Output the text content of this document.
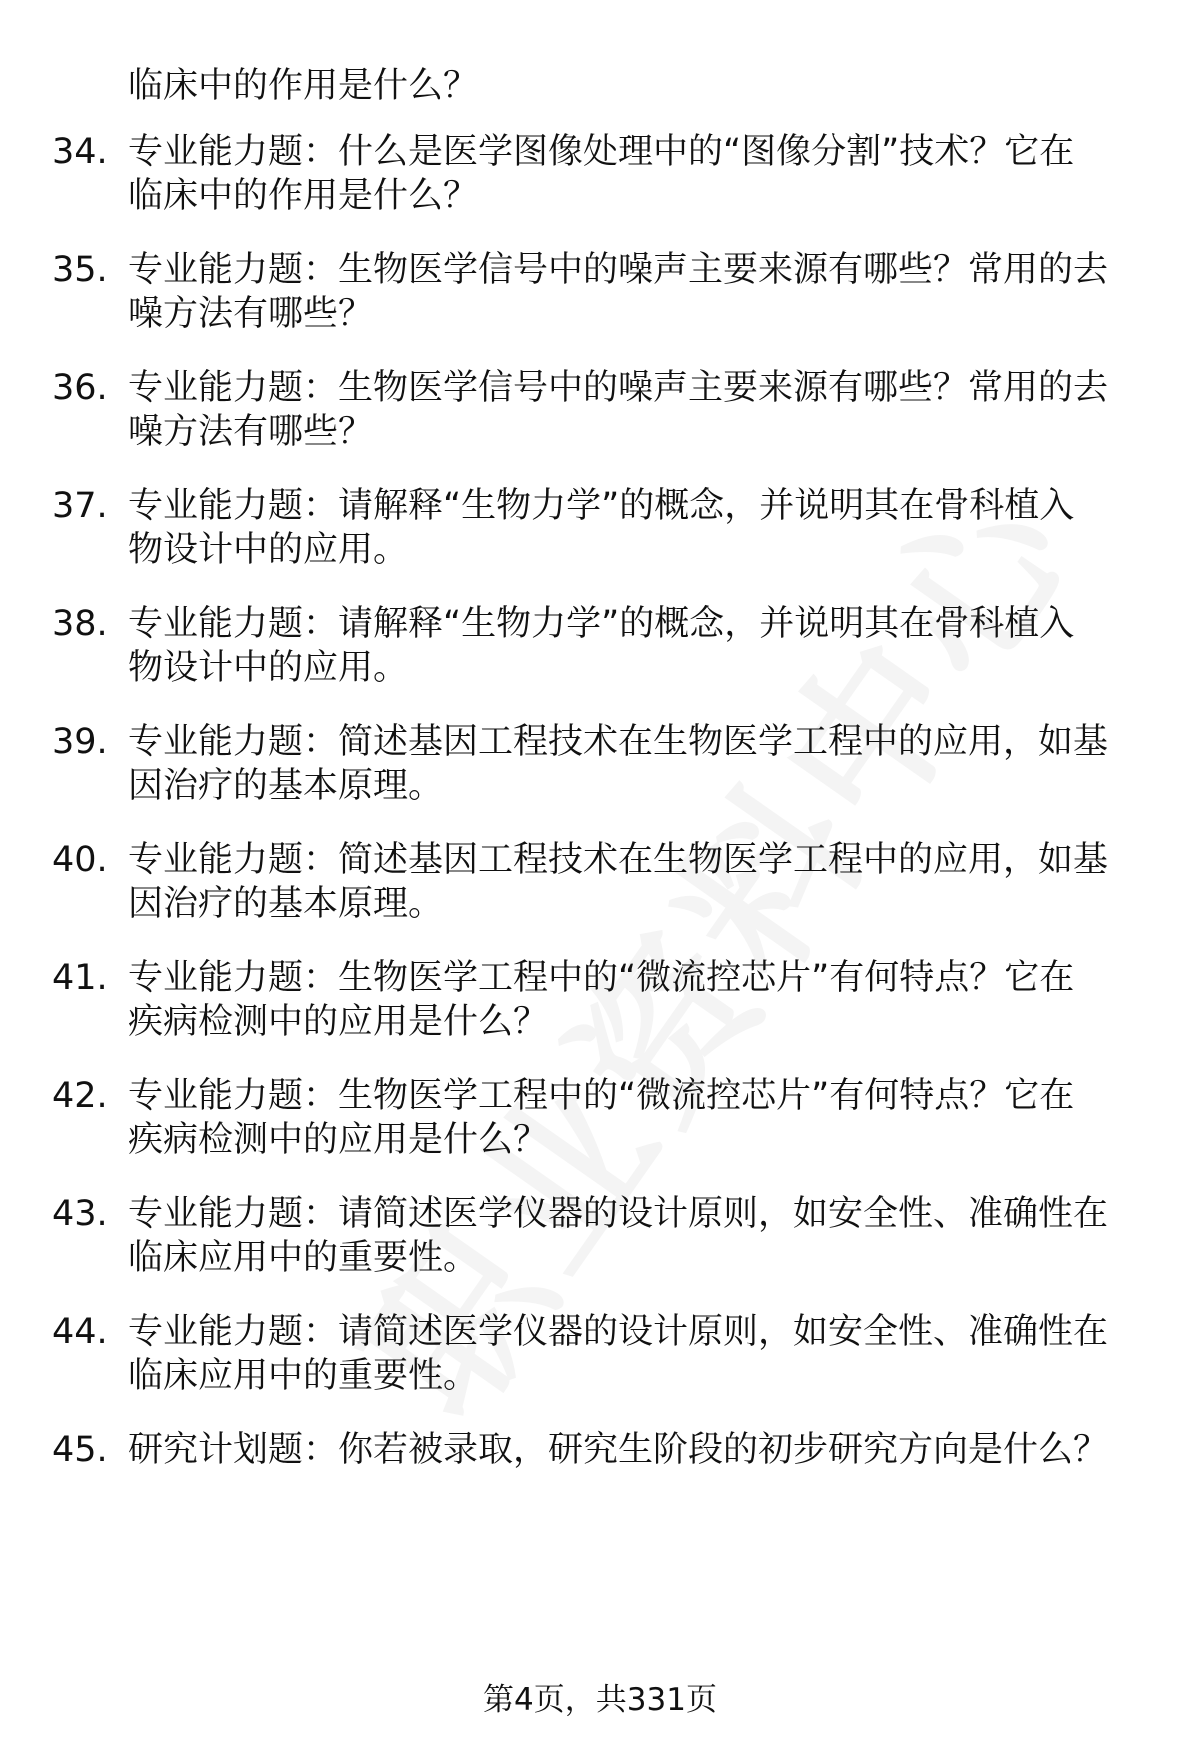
临床中的作用是什么？
34. 专业能力题：什么是医学图像处理中的“图像分割”技术？它在
临床中的作用是什么？
35. 专业能力题：生物医学信号中的噪声主要来源有哪些？常用的去
噪方法有哪些？
36. 专业能力题：生物医学信号中的噪声主要来源有哪些？常用的去
噪方法有哪些？
37. 专业能力题：请解释“生物力学”的概念，并说明其在骨科植入
物设计中的应用。
38. 专业能力题：请解释“生物力学”的概念，并说明其在骨科植入
物设计中的应用。
39. 专业能力题：简述基因工程技术在生物医学工程中的应用，如基
因治疗的基本原理。
40. 专业能力题：简述基因工程技术在生物医学工程中的应用，如基
因治疗的基本原理。
41. 专业能力题：生物医学工程中的“微流控芯片”有何特点？它在
疾病检测中的应用是什么？
42. 专业能力题：生物医学工程中的“微流控芯片”有何特点？它在
疾病检测中的应用是什么？
43. 专业能力题：请简述医学仪器的设计原则，如安全性、准确性在
临床应用中的重要性。
44. 专业能力题：请简述医学仪器的设计原则，如安全性、准确性在
临床应用中的重要性。
45. 研究计划题：你若被录取，研究生阶段的初步研究方向是什么？
第4页，共331页
